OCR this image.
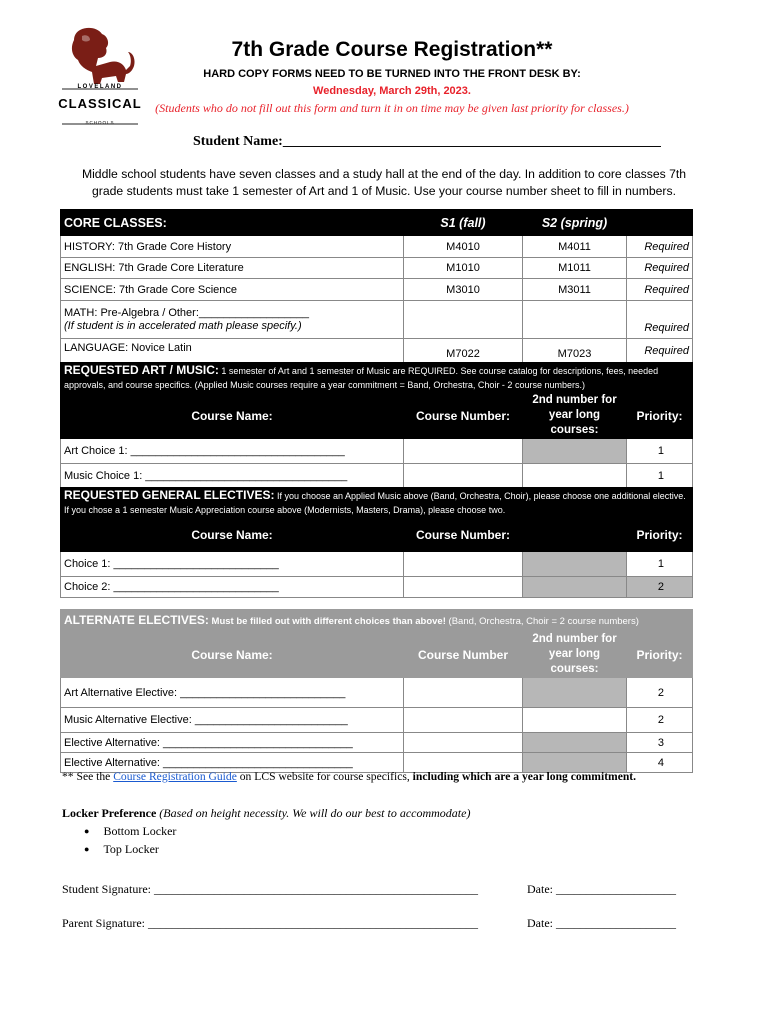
LOVELAND
CLASSICAL
SCHOOLS
7th Grade Course Registration**
HARD COPY FORMS NEED TO BE TURNED INTO THE FRONT DESK BY:
Wednesday, March 29th, 2023.
(Students who do not fill out this form and turn it in on time may be given last priority for classes.)
Student Name:______________________________________________________
Middle school students have seven classes and a study hall at the end of the day. In addition to core classes 7th grade students must take 1 semester of Art and 1 of Music. Use your course number sheet to fill in numbers.
CORE CLASSES:	S1 (fall)	S2 (spring)	
HISTORY: 7th Grade Core History	M4010	M4011	Required
ENGLISH: 7th Grade Core Literature	M1010	M1011	Required
SCIENCE: 7th Grade Core Science	M3010	M3011	Required

MATH: Pre-Algebra / Other:__________________
(If student is in accelerated math please specify.)			Required
LANGUAGE: Novice Latin	M7022	M7023	Required
REQUESTED ART / MUSIC: 1 semester of Art and 1 semester of Music are REQUIRED. See course catalog for descriptions, fees, needed approvals, and course specifics. (Applied Music courses require a year commitment = Band, Orchestra, Choir - 2 course numbers.)			
Course Name:	Course Number:	2nd number for year long courses:	Priority:
Art Choice 1: ___________________________________			1
Music Choice 1: _________________________________			1
REQUESTED GENERAL ELECTIVES: If you choose an Applied Music above (Band, Orchestra, Choir), please choose one additional elective. If you chose a 1 semester Music Appreciation course above (Modernists, Masters, Drama), please choose two.			
Course Name:	Course Number:		Priority:
Choice 1: ___________________________			1
Choice 2: ___________________________			2
ALTERNATE ELECTIVES: Must be filled out with different choices than above! (Band, Orchestra, Choir = 2 course numbers)			
Course Name:	Course Number	2nd number for year long courses:	Priority:
Art Alternative Elective: ___________________________			2
Music Alternative Elective: _________________________			2
Elective Alternative: _______________________________			3
Elective Alternative: _______________________________			4
** See the Course Registration Guide on LCS website for course specifics, including which are a year long commitment.
Locker Preference (Based on height necessity. We will do our best to accommodate)
● Bottom Locker
● Top Locker
Student Signature: ______________________________________________________	Date: ____________________
Parent Signature: _______________________________________________________	Date: ____________________
